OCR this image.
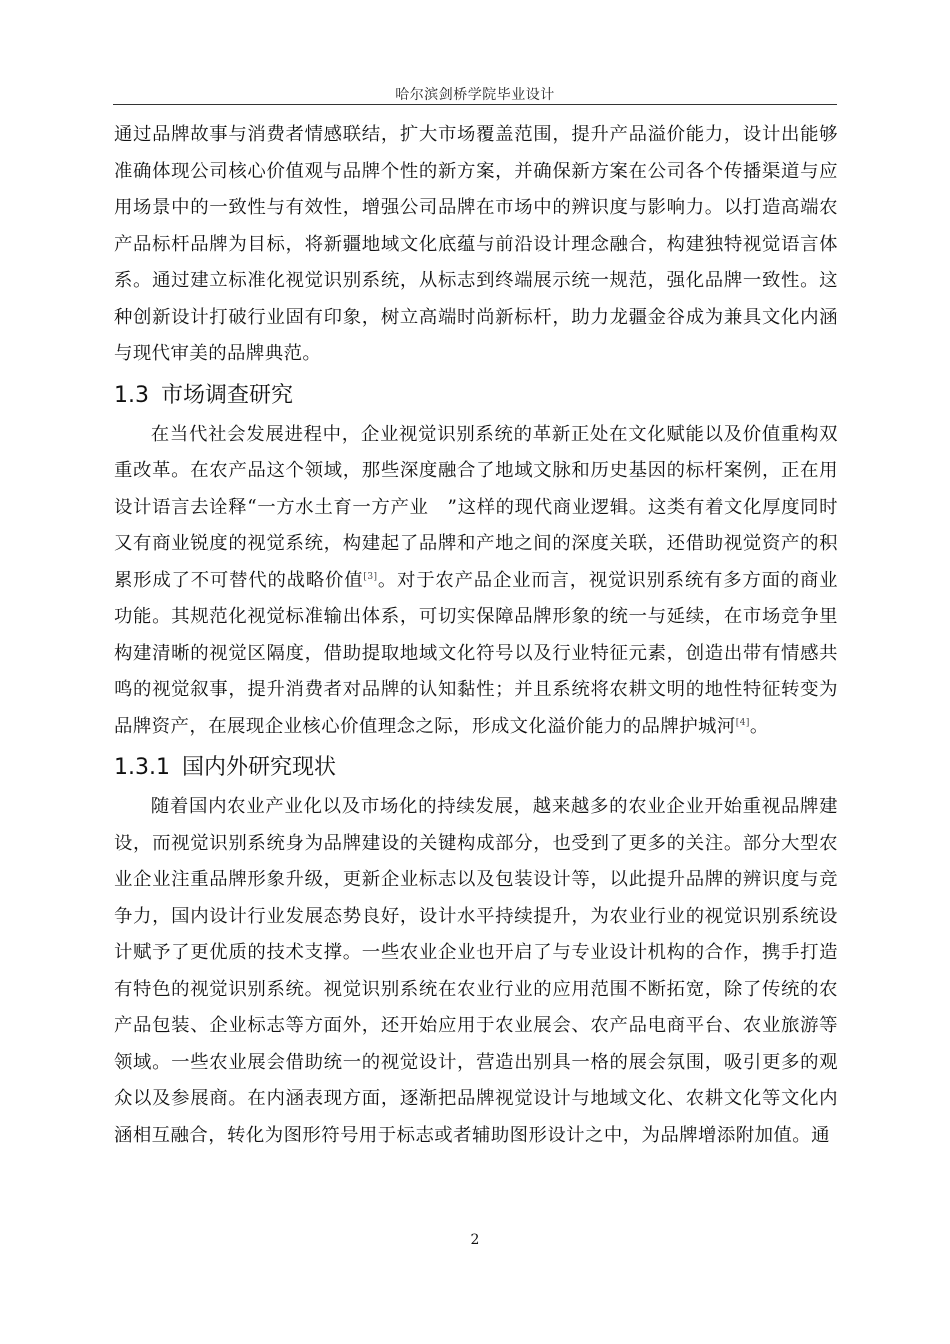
哈尔滨剑桥学院毕业设计

通过品牌故事与消费者情感联结，扩大市场覆盖范围，提升产品溢价能力，设计出能够准确体现公司核心价值观与品牌个性的新方案，并确保新方案在公司各个传播渠道与应用场景中的一致性与有效性，增强公司品牌在市场中的辨识度与影响力。以打造高端农产品标杆品牌为目标，将新疆地域文化底蕴与前沿设计理念融合，构建独特视觉语言体系。通过建立标准化视觉识别系统，从标志到终端展示统一规范，强化品牌一致性。这种创新设计打破行业固有印象，树立高端时尚新标杆，助力龙疆金谷成为兼具文化内涵与现代审美的品牌典范。

1.3 市场调查研究

在当代社会发展进程中，企业视觉识别系统的革新正处在文化赋能以及价值重构双重改革。在农产品这个领域，那些深度融合了地域文脉和历史基因的标杆案例，正在用设计语言去诠释“一方水土育一方产业　”这样的现代商业逻辑。这类有着文化厚度同时　又有商业锐度的视觉系统，构建起了品牌和产地之间的深度关联，还借助视觉资产的积　累形成了不可替代的战略价值[3]。对于农产品企业而言，视觉识别系统有多方面的商业　功能。其规范化视觉标准输出体系，可切实保障品牌形象的统一与延续，在市场竞争里　构建清晰的视觉区隔度，借助提取地域文化符号以及行业特征元素，创造出带有情感共　鸣的视觉叙事，提升消费者对品牌的认知黏性；并且系统将农耕文明的地性特征转变为　品牌资产，在展现企业核心价值理念之际，形成文化溢价能力的品牌护城河[4]。

1.3.1 国内外研究现状

随着国内农业产业化以及市场化的持续发展，越来越多的农业企业开始重视品牌建设，而视觉识别系统身为品牌建设的关键构成部分，也受到了更多的关注。部分大型农业企业注重品牌形象升级，更新企业标志以及包装设计等，以此提升品牌的辨识度与竞争力，国内设计行业发展态势良好，设计水平持续提升，为农业行业的视觉识别系统设计赋予了更优质的技术支撑。一些农业企业也开启了与专业设计机构的合作，携手打造有特色的视觉识别系统。视觉识别系统在农业行业的应用范围不断拓宽，除了传统的农产品包装、企业标志等方面外，还开始应用于农业展会、农产品电商平台、农业旅游等领域。一些农业展会借助统一的视觉设计，营造出别具一格的展会氛围，吸引更多的观众以及参展商。在内涵表现方面，逐渐把品牌视觉设计与地域文化、农耕文化等文化内涵相互融合，转化为图形符号用于标志或者辅助图形设计之中，为品牌增添附加值。通

2
